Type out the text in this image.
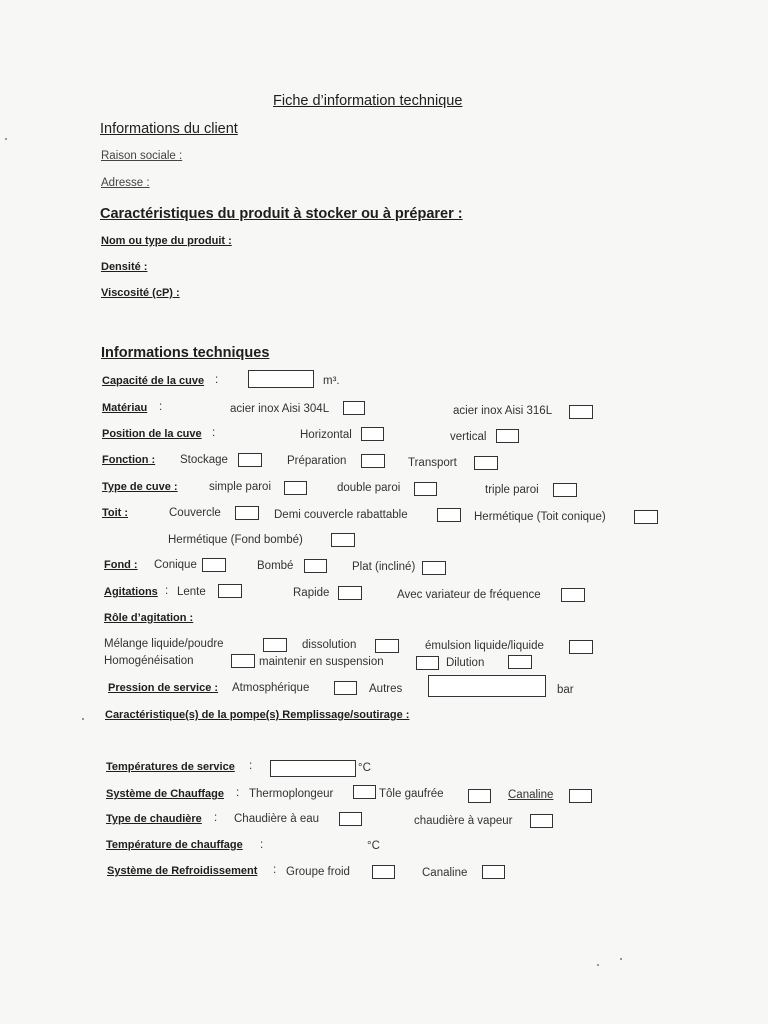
Fiche d’information technique
Informations du client
Raison sociale :
Adresse :
Caractéristiques du produit à stocker ou à préparer :
Nom ou type du produit :
Densité :
Viscosité (cP) :
Informations techniques
Capacité de la cuve :	m³.
Matériau :	acier inox Aisi 304L	acier inox Aisi 316L
Position de la cuve :	Horizontal	vertical
Fonction : Stockage	Préparation	Transport
Type de cuve :	simple paroi	double paroi	triple paroi
Toit :	Couvercle	Demi couvercle rabattable	Hermétique (Toit conique)
Hermétique (Fond bombé)
Fond : Conique	Bombé	Plat (incliné)
Agitations : Lente	Rapide	Avec variateur de fréquence
Rôle d’agitation :
Mélange liquide/poudre	dissolution	émulsion liquide/liquide
Homogénéisation	maintenir en suspension	Dilution
Pression de service : Atmosphérique	Autres	bar
Caractéristique(s) de la pompe(s) Remplissage/soutirage :
Températures de service :	°C
Système de Chauffage : Thermoplongeur	Tôle gaufrée	Canaline
Type de chaudière : Chaudière à eau	chaudière à vapeur
Température de chauffage :	°C
Système de Refroidissement : Groupe froid	Canaline
